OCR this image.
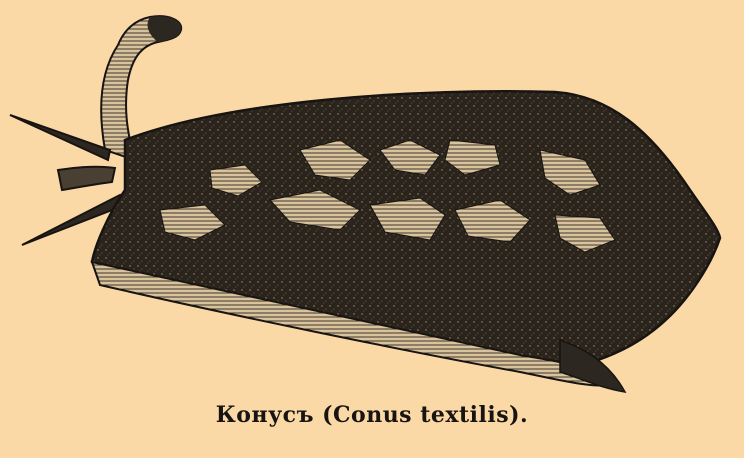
Конусъ (Conus textilis).
